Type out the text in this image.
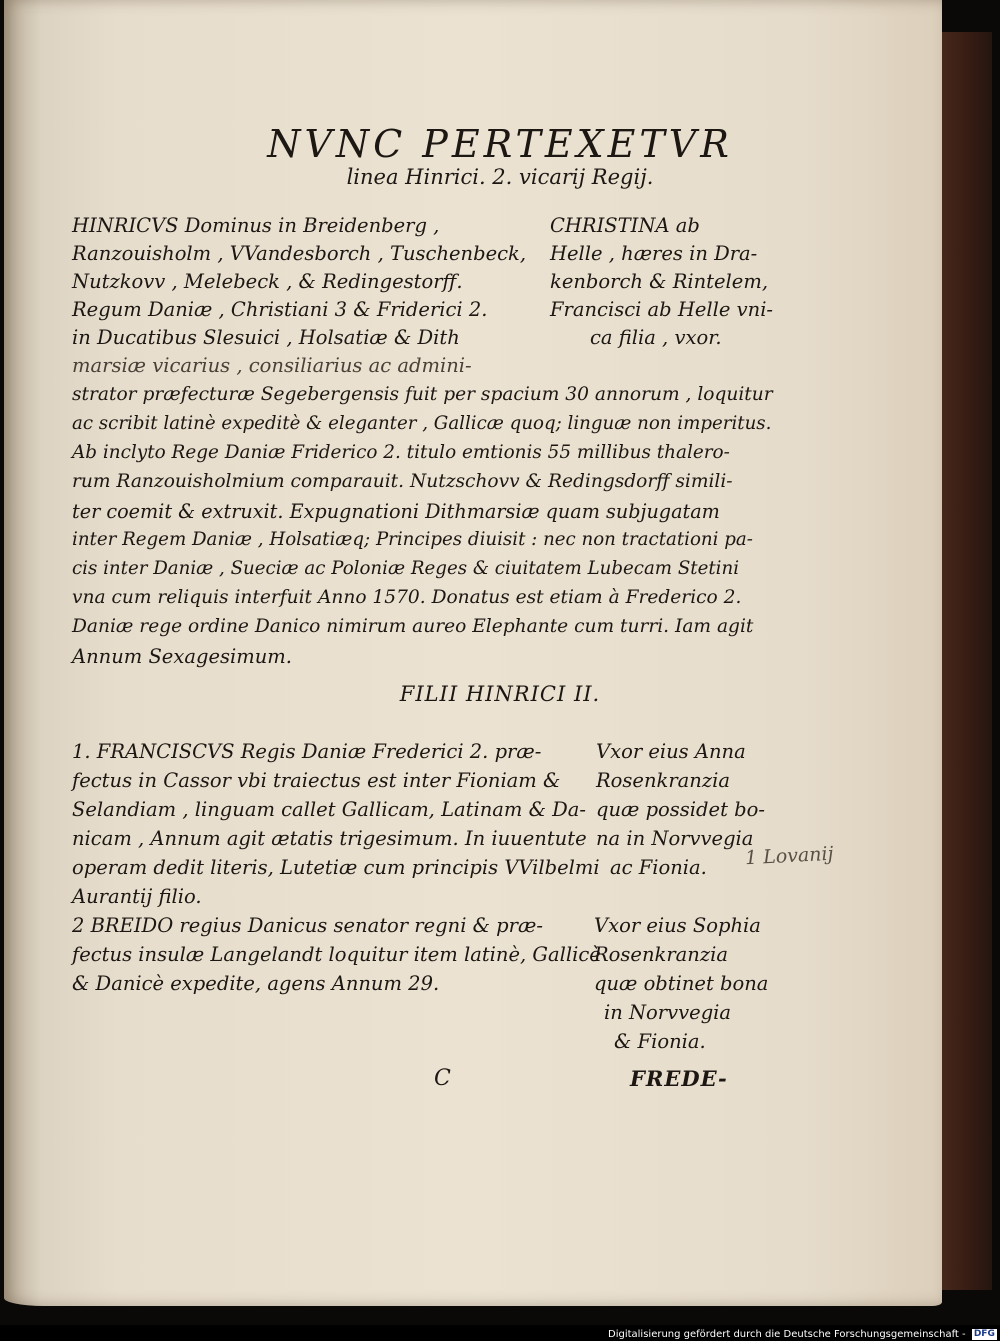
NVNC PERTEXETVR
linea Hinrici. 2. vicarij Regij.
HINRICVS Dominus in Breidenberg ,
Ranzouisholm , VVandesborch , Tuschenbeck,
Nutzkovv , Melebeck , & Redingestorff.
Regum Daniæ , Christiani 3 & Friderici 2.
in Ducatibus Slesuici , Holsatiæ & Dith
marsiæ vicarius , consiliarius ac admini-
CHRISTINA ab
Helle , hæres in Dra-
kenborch & Rintelem,
Francisci ab Helle vni-
ca filia , vxor.
strator præfecturæ Segebergensis fuit per spacium 30 annorum , loquitur
ac scribit latinè expeditè & eleganter , Gallicæ quoq; linguæ non imperitus.
Ab inclyto Rege Daniæ Friderico 2. titulo emtionis 55 millibus thalero-
rum Ranzouisholmium comparauit. Nutzschovv & Redingsdorff simili-
ter coemit & extruxit. Expugnationi Dithmarsiæ quam subjugatam
inter Regem Daniæ , Holsatiæq; Principes diuisit : nec non tractationi pa-
cis inter Daniæ , Sueciæ ac Poloniæ Reges & ciuitatem Lubecam Stetini
vna cum reliquis interfuit Anno 1570. Donatus est etiam à Frederico 2.
Daniæ rege ordine Danico nimirum aureo Elephante cum turri. Iam agit
Annum Sexagesimum.
FILII HINRICI II.
1. FRANCISCVS Regis Daniæ Frederici 2. præ-
fectus in Cassor vbi traiectus est inter Fioniam &
Selandiam , linguam callet Gallicam, Latinam & Da-
nicam , Annum agit ætatis trigesimum. In iuuentute
operam dedit literis, Lutetiæ cum principis VVilbelmi
Aurantij filio.
Vxor eius Anna
Rosenkranzia
quæ possidet bo-
na in Norvvegia
ac Fionia. 1 Lovanij
2 BREIDO regius Danicus senator regni & præ-
fectus insulæ Langelandt loquitur item latinè, Gallicè
& Danicè expedite, agens Annum 29.
Vxor eius Sophia
Rosenkranzia
quæ obtinet bona
in Norvvegia
& Fionia.
C	FREDE-
Digitalisierung gefördert durch die Deutsche Forschungsgemeinschaft - DFG
